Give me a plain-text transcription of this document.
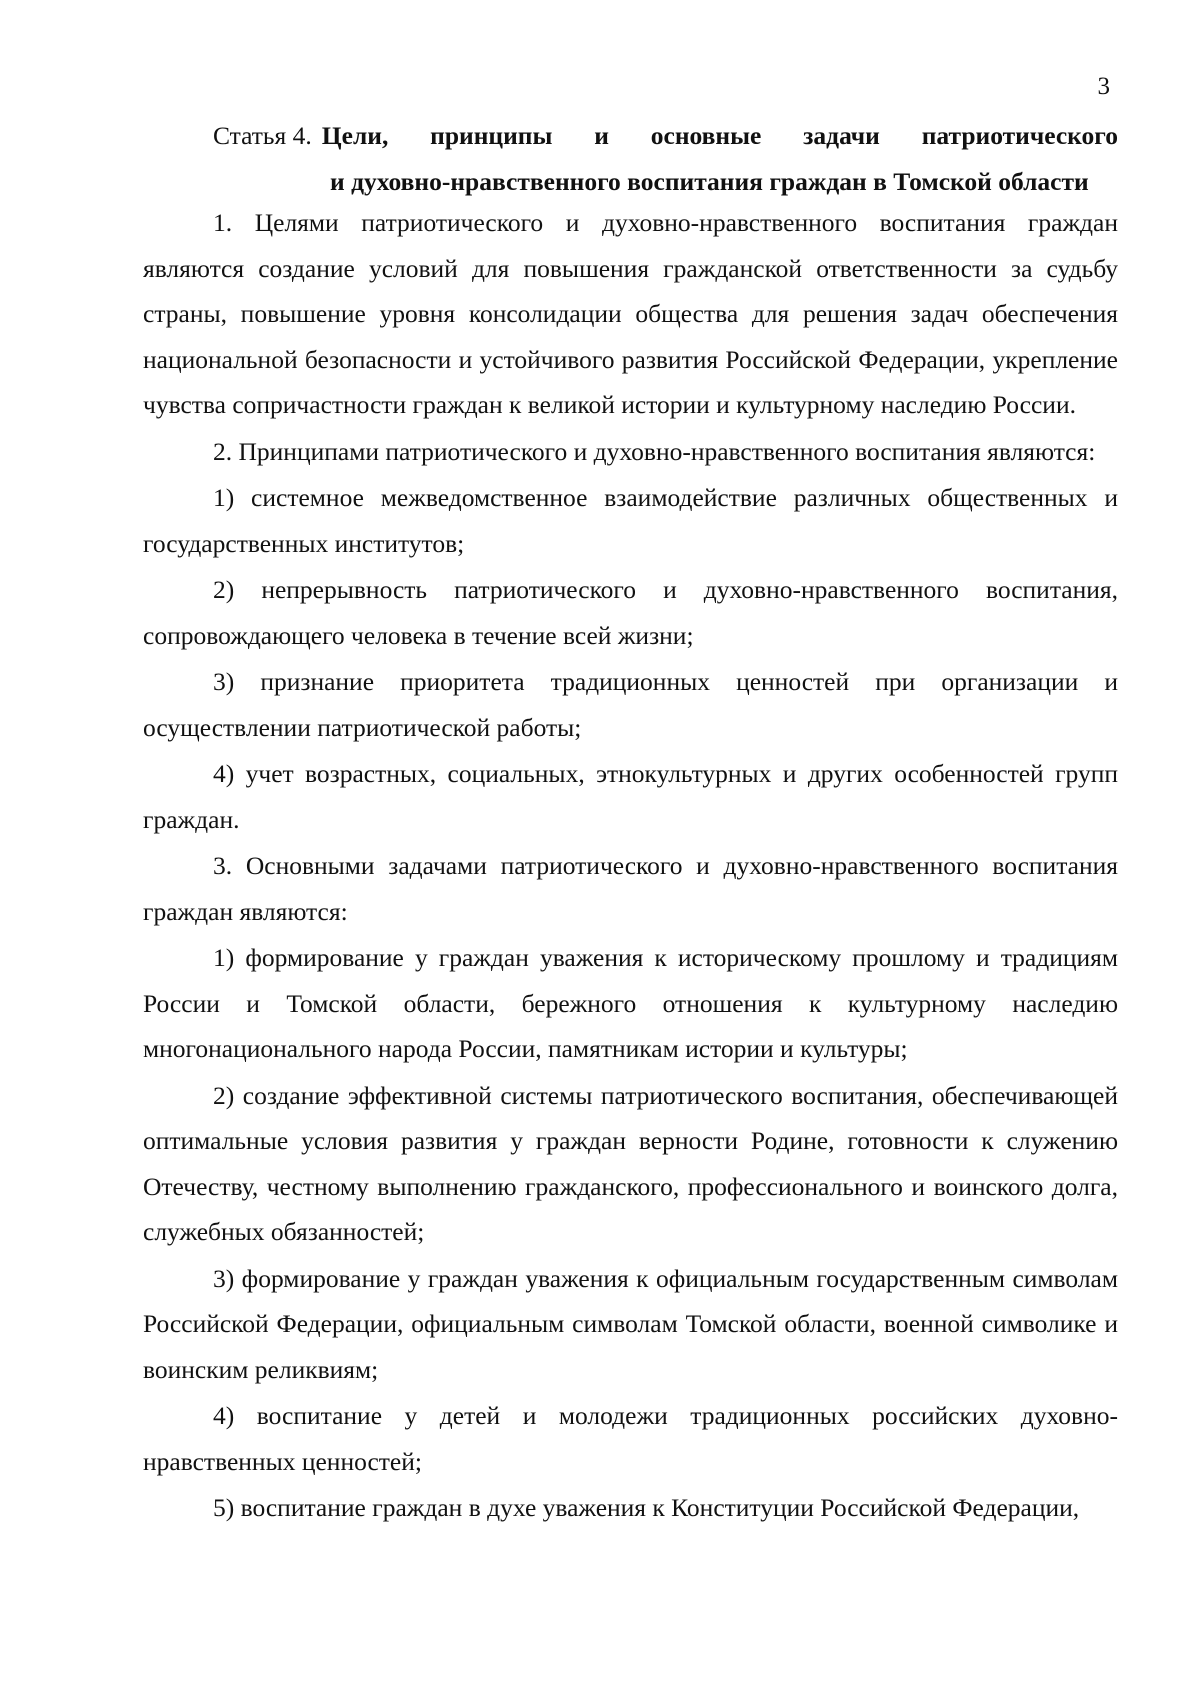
3
Статья 4. Цели, принципы и основные задачи патриотического
и духовно-нравственного воспитания граждан в Томской области

1. Целями патриотического и духовно-нравственного воспитания граждан являются создание условий для повышения гражданской ответственности за судьбу страны, повышение уровня консолидации общества для решения задач обеспечения национальной безопасности и устойчивого развития Российской Федерации, укрепление чувства сопричастности граждан к великой истории и культурному наследию России.

2. Принципами патриотического и духовно-нравственного воспитания являются:

1) системное межведомственное взаимодействие различных общественных и государственных институтов;

2) непрерывность патриотического и духовно-нравственного воспитания, сопровождающего человека в течение всей жизни;

3) признание приоритета традиционных ценностей при организации и осуществлении патриотической работы;

4) учет возрастных, социальных, этнокультурных и других особенностей групп граждан.

3. Основными задачами патриотического и духовно-нравственного воспитания граждан являются:

1) формирование у граждан уважения к историческому прошлому и традициям России и Томской области, бережного отношения к культурному наследию многонационального народа России, памятникам истории и культуры;

2) создание эффективной системы патриотического воспитания, обеспечивающей оптимальные условия развития у граждан верности Родине, готовности к служению Отечеству, честному выполнению гражданского, профессионального и воинского долга, служебных обязанностей;

3) формирование у граждан уважения к официальным государственным символам Российской Федерации, официальным символам Томской области, военной символике и воинским реликвиям;

4) воспитание у детей и молодежи традиционных российских духовно-нравственных ценностей;

5) воспитание граждан в духе уважения к Конституции Российской Федерации,
